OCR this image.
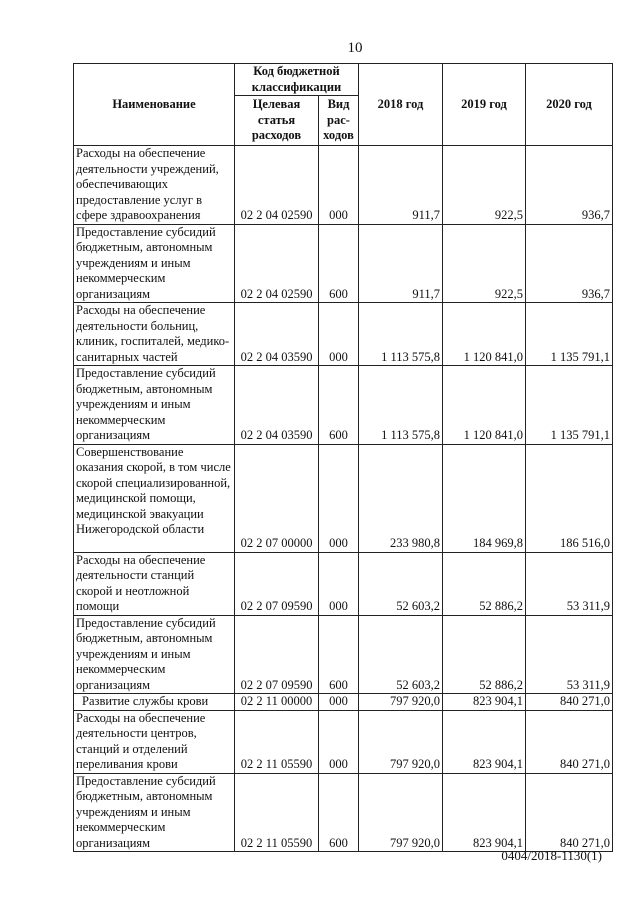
10
Наименование	Код бюджетной классификации		2018 год	2019 год	2020 год
	Целевая статья расходов	Вид рас-ходов			
Расходы на обеспечение деятельности учреждений, обеспечивающих предоставление услуг в сфере здравоохранения	02 2 04 02590	000	911,7	922,5	936,7
Предоставление субсидий бюджетным, автономным учреждениям и иным некоммерческим организациям	02 2 04 02590	600	911,7	922,5	936,7
Расходы на обеспечение деятельности больниц, клиник, госпиталей, медико-санитарных частей	02 2 04 03590	000	1 113 575,8	1 120 841,0	1 135 791,1
Предоставление субсидий бюджетным, автономным учреждениям и иным некоммерческим организациям	02 2 04 03590	600	1 113 575,8	1 120 841,0	1 135 791,1
Совершенствование оказания скорой, в том числе скорой специализированной, медицинской помощи, медицинской эвакуации Нижегородской области	02 2 07 00000	000	233 980,8	184 969,8	186 516,0
Расходы на обеспечение деятельности станций скорой и неотложной помощи	02 2 07 09590	000	52 603,2	52 886,2	53 311,9
Предоставление субсидий бюджетным, автономным учреждениям и иным некоммерческим организациям	02 2 07 09590	600	52 603,2	52 886,2	53 311,9
Развитие службы крови	02 2 11 00000	000	797 920,0	823 904,1	840 271,0
Расходы на обеспечение деятельности центров, станций и отделений переливания крови	02 2 11 05590	000	797 920,0	823 904,1	840 271,0
Предоставление субсидий бюджетным, автономным учреждениям и иным некоммерческим организациям	02 2 11 05590	600	797 920,0	823 904,1	840 271,0
0404/2018-1130(1)
